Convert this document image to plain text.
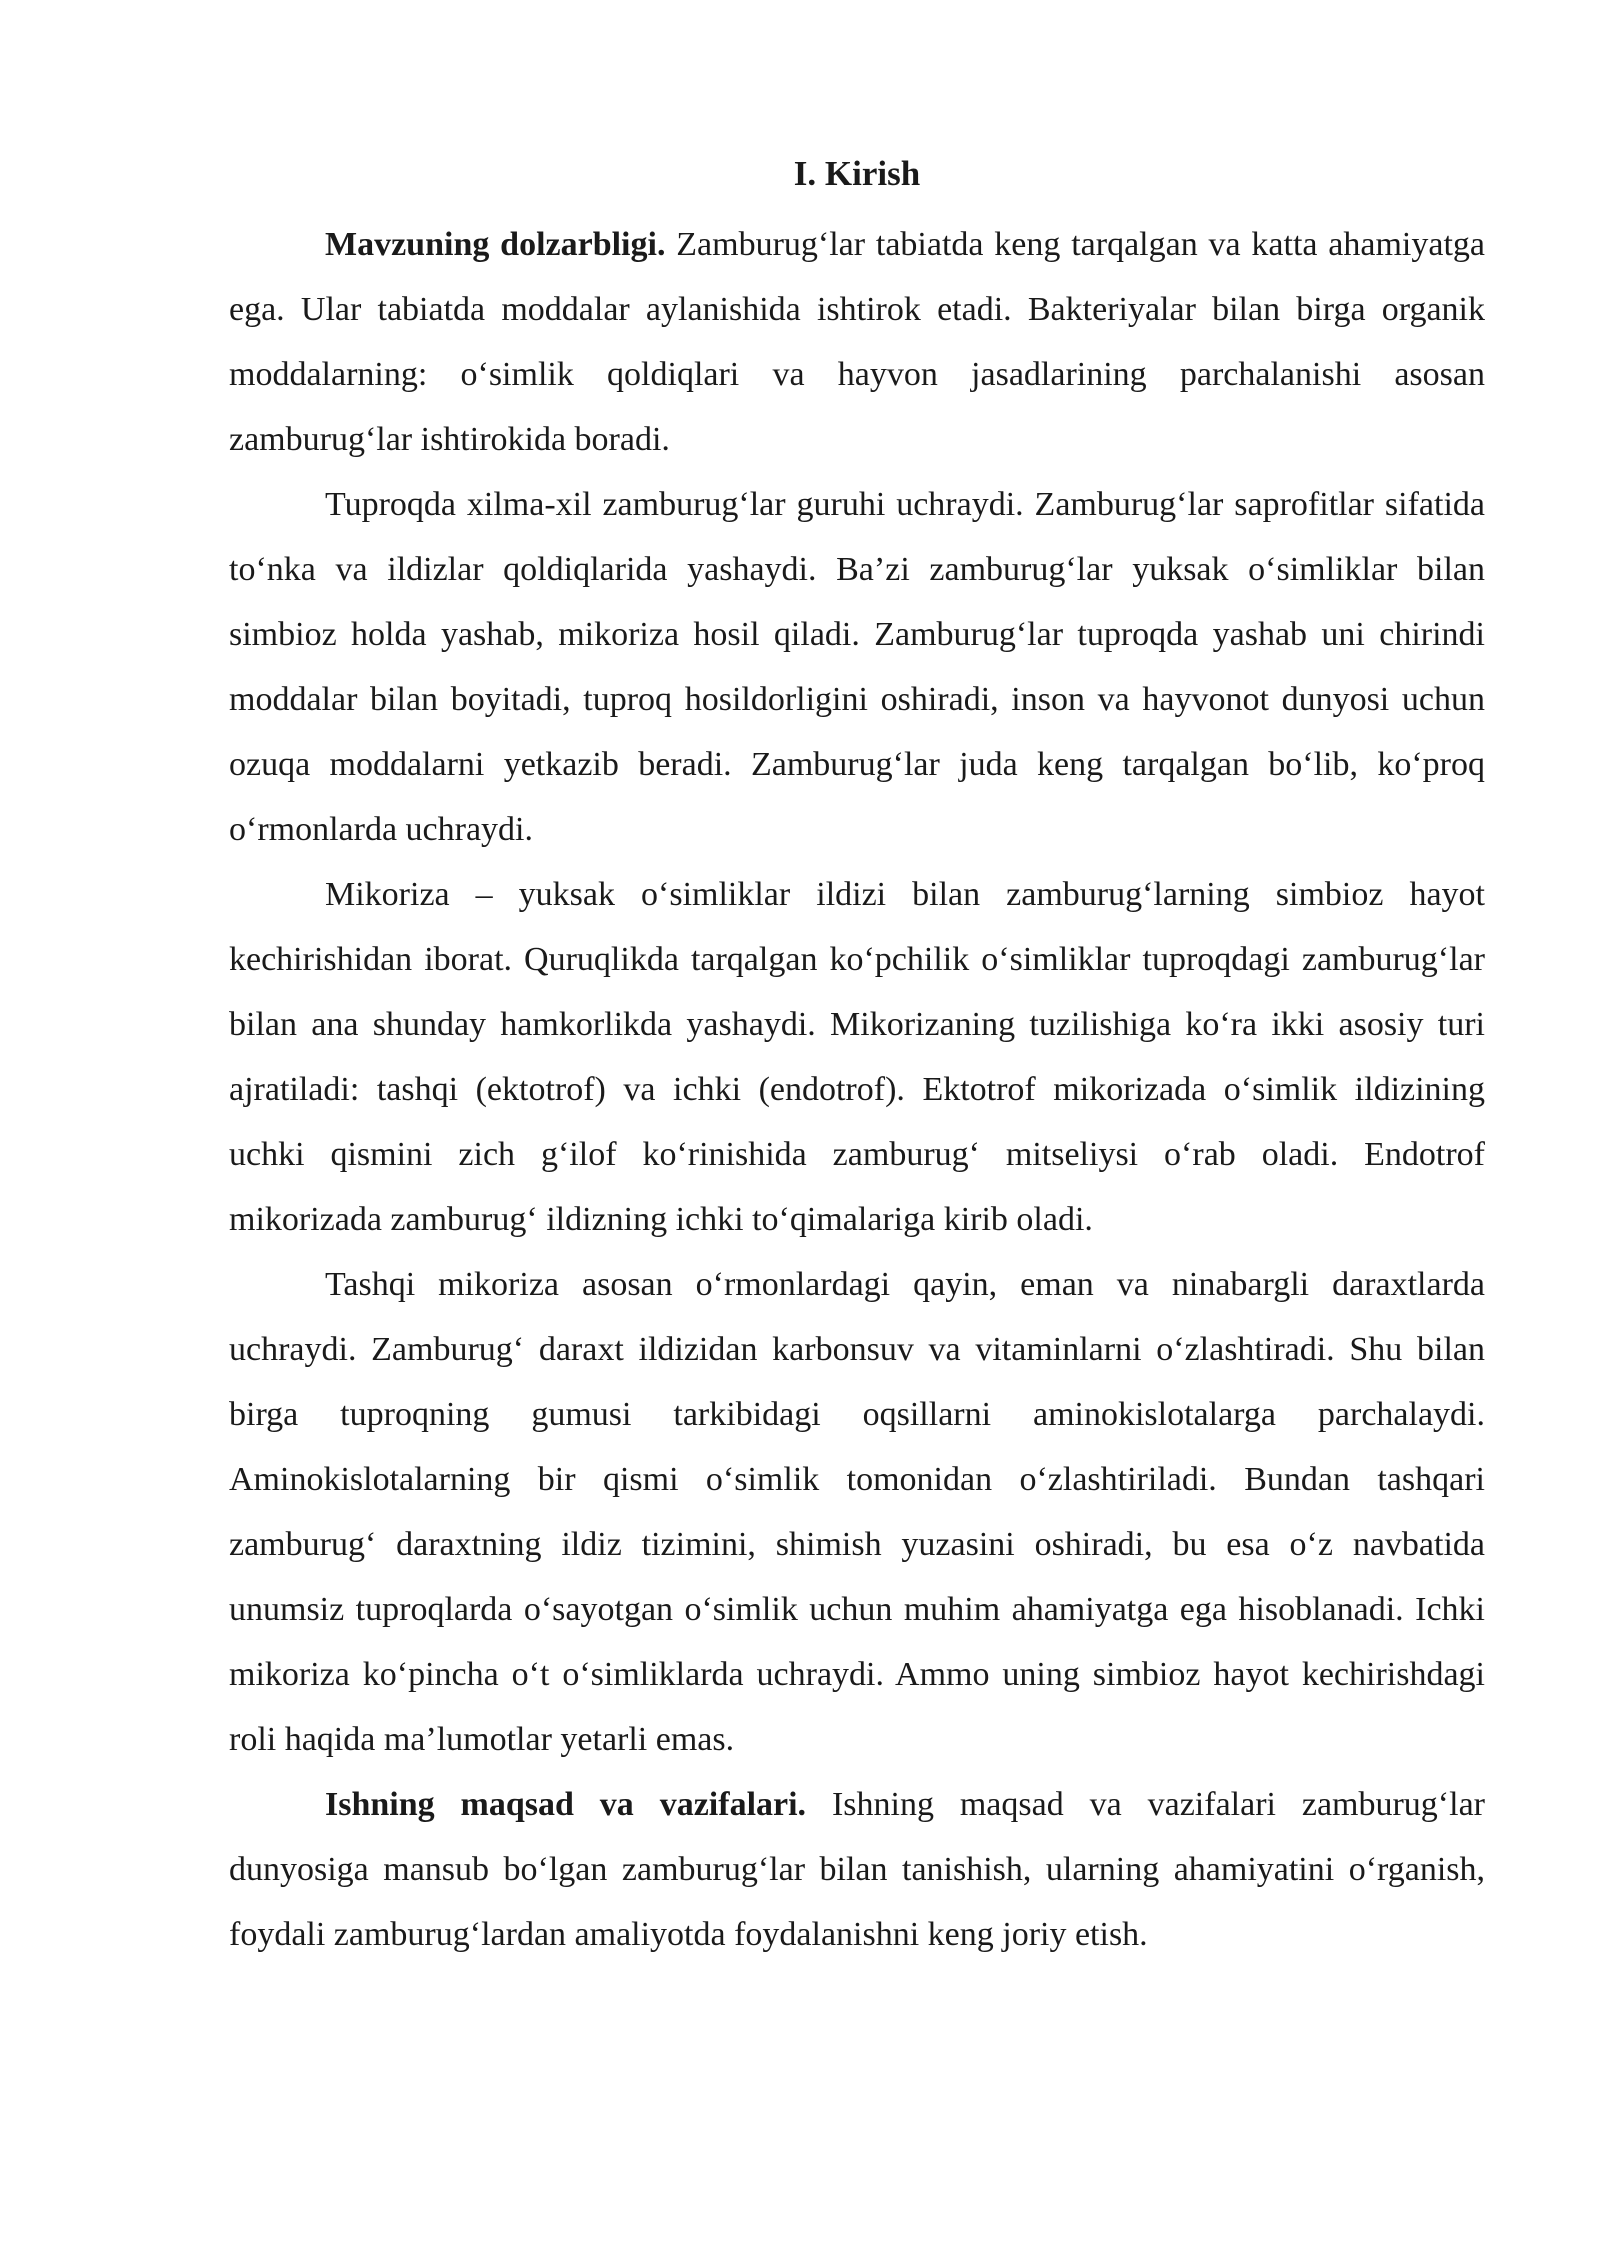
I. Kirish

Mavzuning dolzarbligi. Zamburug‘lar tabiatda keng tarqalgan va katta ahamiyatga ega. Ular tabiatda moddalar aylanishida ishtirok etadi. Bakteriyalar bilan birga organik moddalarning: o‘simlik qoldiqlari va hayvon jasadlarining parchalanishi asosan zamburug‘lar ishtirokida boradi.

Tuproqda xilma-xil zamburug‘lar guruhi uchraydi. Zamburug‘lar saprofitlar sifatida to‘nka va ildizlar qoldiqlarida yashaydi. Ba’zi zamburug‘lar yuksak o‘simliklar bilan simbioz holda yashab, mikoriza hosil qiladi. Zamburug‘lar tuproqda yashab uni chirindi moddalar bilan boyitadi, tuproq hosildorligini oshiradi, inson va hayvonot dunyosi uchun ozuqa moddalarni yetkazib beradi. Zamburug‘lar juda keng tarqalgan bo‘lib, ko‘proq o‘rmonlarda uchraydi.

Mikoriza – yuksak o‘simliklar ildizi bilan zamburug‘larning simbioz hayot kechirishidan iborat. Quruqlikda tarqalgan ko‘pchilik o‘simliklar tuproqdagi zamburug‘lar bilan ana shunday hamkorlikda yashaydi. Mikorizaning tuzilishiga ko‘ra ikki asosiy turi ajratiladi: tashqi (ektotrof) va ichki (endotrof). Ektotrof mikorizada o‘simlik ildizining uchki qismini zich g‘ilof ko‘rinishida zamburug‘ mitseliysi o‘rab oladi. Endotrof mikorizada zamburug‘ ildizning ichki to‘qimalariga kirib oladi.

Tashqi mikoriza asosan o‘rmonlardagi qayin, eman va ninabargli daraxtlarda uchraydi. Zamburug‘ daraxt ildizidan karbonsuv va vitaminlarni o‘zlashtiradi. Shu bilan birga tuproqning gumusi tarkibidagi oqsillarni aminokislotalarga parchalaydi. Aminokislotalarning bir qismi o‘simlik tomonidan o‘zlashtiriladi. Bundan tashqari zamburug‘ daraxtning ildiz tizimini, shimish yuzasini oshiradi, bu esa o‘z navbatida unumsiz tuproqlarda o‘sayotgan o‘simlik uchun muhim ahamiyatga ega hisoblanadi. Ichki mikoriza ko‘pincha o‘t o‘simliklarda uchraydi. Ammo uning simbioz hayot kechirishdagi roli haqida ma’lumotlar yetarli emas.

Ishning maqsad va vazifalari. Ishning maqsad va vazifalari zamburug‘lar dunyosiga mansub bo‘lgan zamburug‘lar bilan tanishish, ularning ahamiyatini o‘rganish, foydali zamburug‘lardan amaliyotda foydalanishni keng joriy etish.
